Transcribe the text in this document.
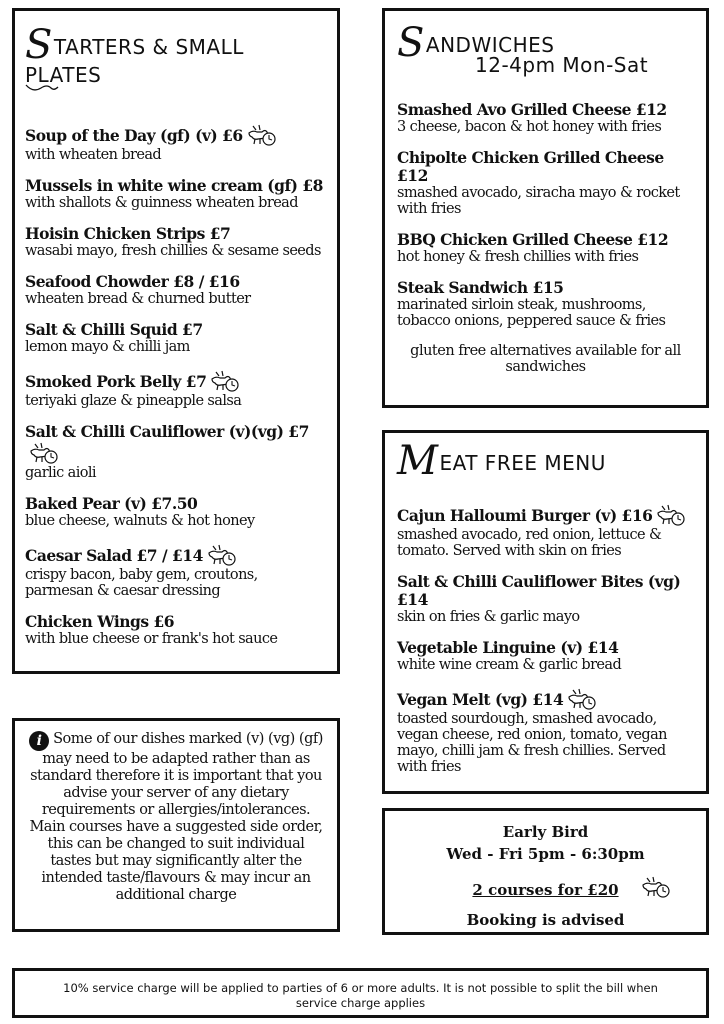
STARTERS & SMALL PLATES
Soup of the Day (gf) (v) £6
with wheaten bread
Mussels in white wine cream (gf) £8
with shallots & guinness wheaten bread
Hoisin Chicken Strips £7
wasabi mayo, fresh chillies & sesame seeds
Seafood Chowder £8 / £16
wheaten bread & churned butter
Salt & Chilli Squid £7
lemon mayo & chilli jam
Smoked Pork Belly £7
teriyaki glaze & pineapple salsa
Salt & Chilli Cauliflower (v)(vg) £7
garlic aioli
Baked Pear (v) £7.50
blue cheese, walnuts & hot honey
Caesar Salad £7 / £14
crispy bacon, baby gem, croutons, parmesan & caesar dressing
Chicken Wings £6
with blue cheese or frank's hot sauce
SANDWICHES
12-4pm Mon-Sat
Smashed Avo Grilled Cheese £12
3 cheese, bacon & hot honey with fries
Chipolte Chicken Grilled Cheese £12
smashed avocado, siracha mayo & rocket with fries
BBQ Chicken Grilled Cheese £12
hot honey & fresh chillies with fries
Steak Sandwich £15
marinated sirloin steak, mushrooms, tobacco onions, peppered sauce & fries
gluten free alternatives available for all sandwiches
MEAT FREE MENU
Cajun Halloumi Burger (v) £16
smashed avocado, red onion, lettuce & tomato. Served with skin on fries
Salt & Chilli Cauliflower Bites (vg) £14
skin on fries & garlic mayo
Vegetable Linguine (v) £14
white wine cream & garlic bread
Vegan Melt (vg) £14
toasted sourdough, smashed avocado, vegan cheese, red onion, tomato, vegan mayo, chilli jam & fresh chillies. Served with fries
i Some of our dishes marked (v) (vg) (gf) may need to be adapted rather than as standard therefore it is important that you advise your server of any dietary requirements or allergies/intolerances. Main courses have a suggested side order, this can be changed to suit individual tastes but may significantly alter the intended taste/flavours & may incur an additional charge
Early Bird
Wed - Fri 5pm - 6:30pm
2 courses for £20
Booking is advised
10% service charge will be applied to parties of 6 or more adults. It is not possible to split the bill when service charge applies
